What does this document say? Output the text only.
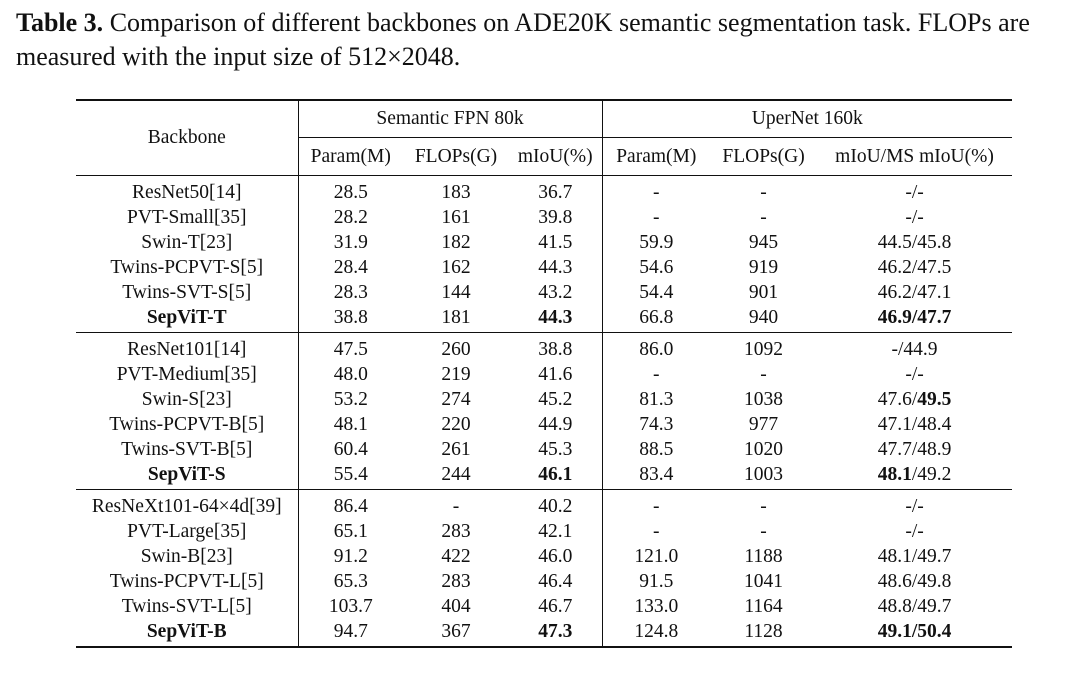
Table 3. Comparison of different backbones on ADE20K semantic segmentation task. FLOPs are measured with the input size of 512×2048.
Backbone	Semantic FPN 80k			UperNet 160k		
	Param(M)	FLOPs(G)	mIoU(%)	Param(M)	FLOPs(G)	mIoU/MS mIoU(%)
ResNet50[14]	28.5	183	36.7	-	-	-/-
PVT-Small[35]	28.2	161	39.8	-	-	-/-
Swin-T[23]	31.9	182	41.5	59.9	945	44.5/45.8
Twins-PCPVT-S[5]	28.4	162	44.3	54.6	919	46.2/47.5
Twins-SVT-S[5]	28.3	144	43.2	54.4	901	46.2/47.1
SepViT-T	38.8	181	44.3	66.8	940	46.9/47.7
ResNet101[14]	47.5	260	38.8	86.0	1092	-/44.9
PVT-Medium[35]	48.0	219	41.6	-	-	-/-
Swin-S[23]	53.2	274	45.2	81.3	1038	47.6/49.5
Twins-PCPVT-B[5]	48.1	220	44.9	74.3	977	47.1/48.4
Twins-SVT-B[5]	60.4	261	45.3	88.5	1020	47.7/48.9
SepViT-S	55.4	244	46.1	83.4	1003	48.1/49.2
ResNeXt101-64×4d[39]	86.4	-	40.2	-	-	-/-
PVT-Large[35]	65.1	283	42.1	-	-	-/-
Swin-B[23]	91.2	422	46.0	121.0	1188	48.1/49.7
Twins-PCPVT-L[5]	65.3	283	46.4	91.5	1041	48.6/49.8
Twins-SVT-L[5]	103.7	404	46.7	133.0	1164	48.8/49.7
SepViT-B	94.7	367	47.3	124.8	1128	49.1/50.4
